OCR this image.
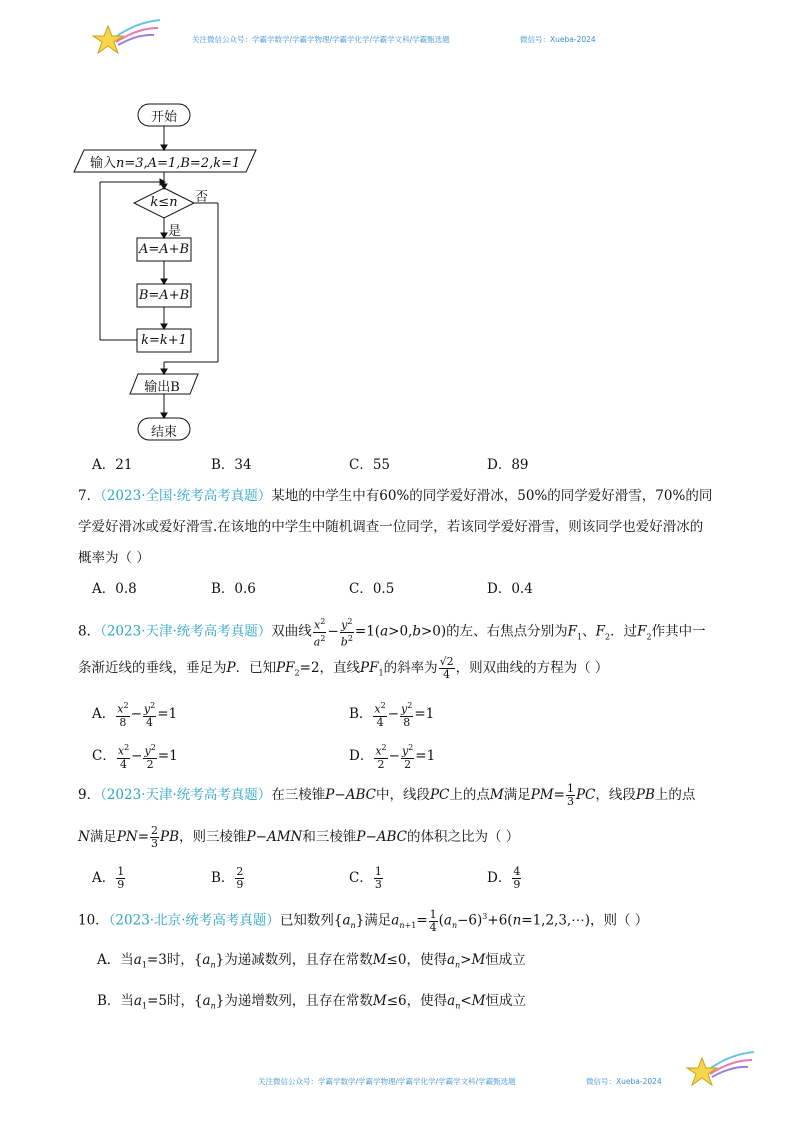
关注微信公众号：学霸学数学/学霸学物理/学霸学化学/学霸学文科/学霸甄选题	微信号：Xueba-2024
开始
输入n=3,A=1,B=2,k=1
k≤n	否
是
A=A+B
B=A+B
k=k+1
输出B
结束
A．21	B．34	C．55	D．89
7．（2023·全国·统考高考真题）某地的中学生中有60%的同学爱好滑冰，50%的同学爱好滑雪，70%的同
学爱好滑冰或爱好滑雪.在该地的中学生中随机调查一位同学，若该同学爱好滑雪，则该同学也爱好滑冰的
概率为（ ）
A．0.8	B．0.6	C．0.5	D．0.4
8．（2023·天津·统考高考真题）双曲线 $\frac{x^2}{a^2} - \frac{y^2}{b^2} =1(a>0,b>0)$的左、右焦点分别为$F_1$、$F_2$．过$F_2$作其中一
条渐近线的垂线，垂足为P．已知$PF_2=2$，直线$PF_1$的斜率为 $\frac{√2}{4}$ ，则双曲线的方程为（ ）
A． $\frac{x^2}{8} - \frac{y^2}{4} =1$	B． $\frac{x^2}{4} - \frac{y^2}{8} =1$
C． $\frac{x^2}{4} - \frac{y^2}{2} =1$	D． $\frac{x^2}{2} - \frac{y^2}{2} =1$
9．（2023·天津·统考高考真题）在三棱锥P−ABC中，线段PC上的点M满足$PM= \frac{1}{3}$ PC，线段PB上的点
N满足$PN= \frac{2}{3}$ PB，则三棱锥P−AMN和三棱锥P−ABC的体积之比为（ ）
A． $\frac{1}{9}$	B． $\frac{2}{9}$	C． $\frac{1}{3}$	D． $\frac{4}{9}$
10．（2023·北京·统考高考真题）已知数列$\{a_n\}$满足$a_{n+1}= \frac{1}{4}$ $(a_n-6)^3+6(n=1,2,3,\cdots)$，则（ ）
A．当$a_1=3$时，$\{a_n\}$为递减数列，且存在常数M≤0，使得$a_n>M$恒成立
B．当$a_1=5$时，$\{a_n\}$为递增数列，且存在常数M≤6，使得$a_n<M$恒成立
关注微信公众号：学霸学数学/学霸学物理/学霸学化学/学霸学文科/学霸甄选题	微信号：Xueba-2024
